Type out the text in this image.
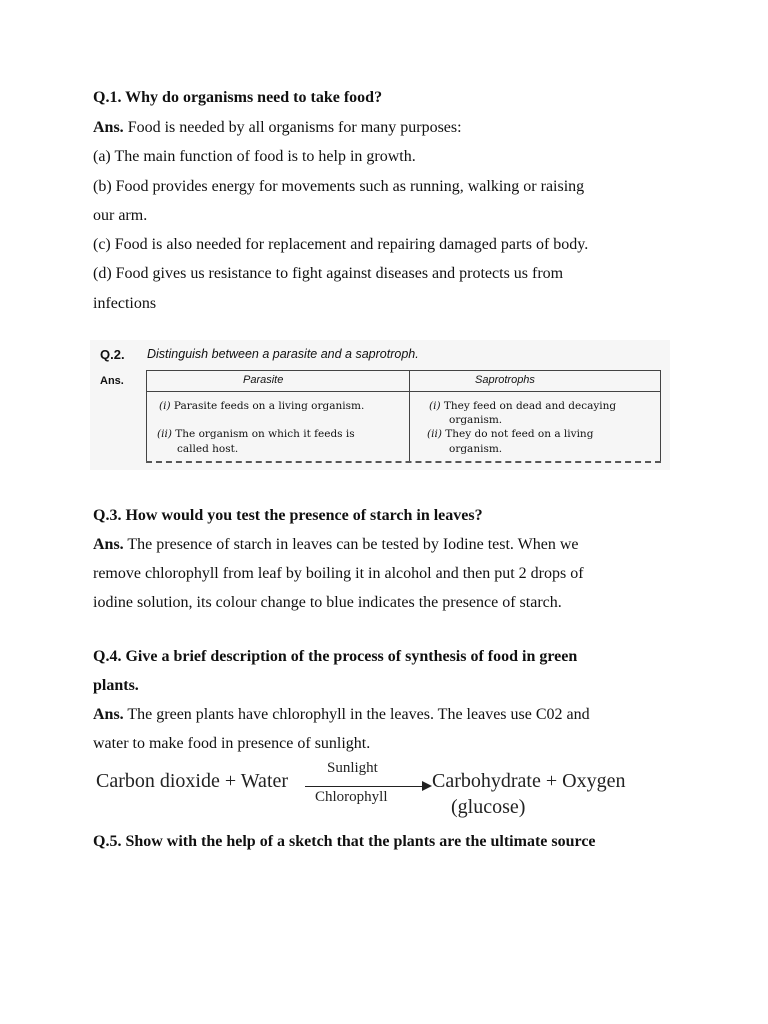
Q.1. Why do organisms need to take food?
Ans. Food is needed by all organisms for many purposes:
(a) The main function of food is to help in growth.
(b) Food provides energy for movements such as running, walking or raising
our arm.
(c) Food is also needed for replacement and repairing damaged parts of body.
(d) Food gives us resistance to fight against diseases and protects us from
infections
Q.2. Distinguish between a parasite and a saprotroph.
Ans.	Parasite	Saprotrophs
(i) Parasite feeds on a living organism.
(ii) The organism on which it feeds is
called host.
(i) They feed on dead and decaying
organism.
(ii) They do not feed on a living
organism.
Q.3. How would you test the presence of starch in leaves?
Ans. The presence of starch in leaves can be tested by Iodine test. When we
remove chlorophyll from leaf by boiling it in alcohol and then put 2 drops of
iodine solution, its colour change to blue indicates the presence of starch.
Q.4. Give a brief description of the process of synthesis of food in green
plants.
Ans. The green plants have chlorophyll in the leaves. The leaves use C02 and
water to make food in presence of sunlight.
Carbon dioxide + Water
Sunlight
Chlorophyll
Carbohydrate + Oxygen
(glucose)
Q.5. Show with the help of a sketch that the plants are the ultimate source
